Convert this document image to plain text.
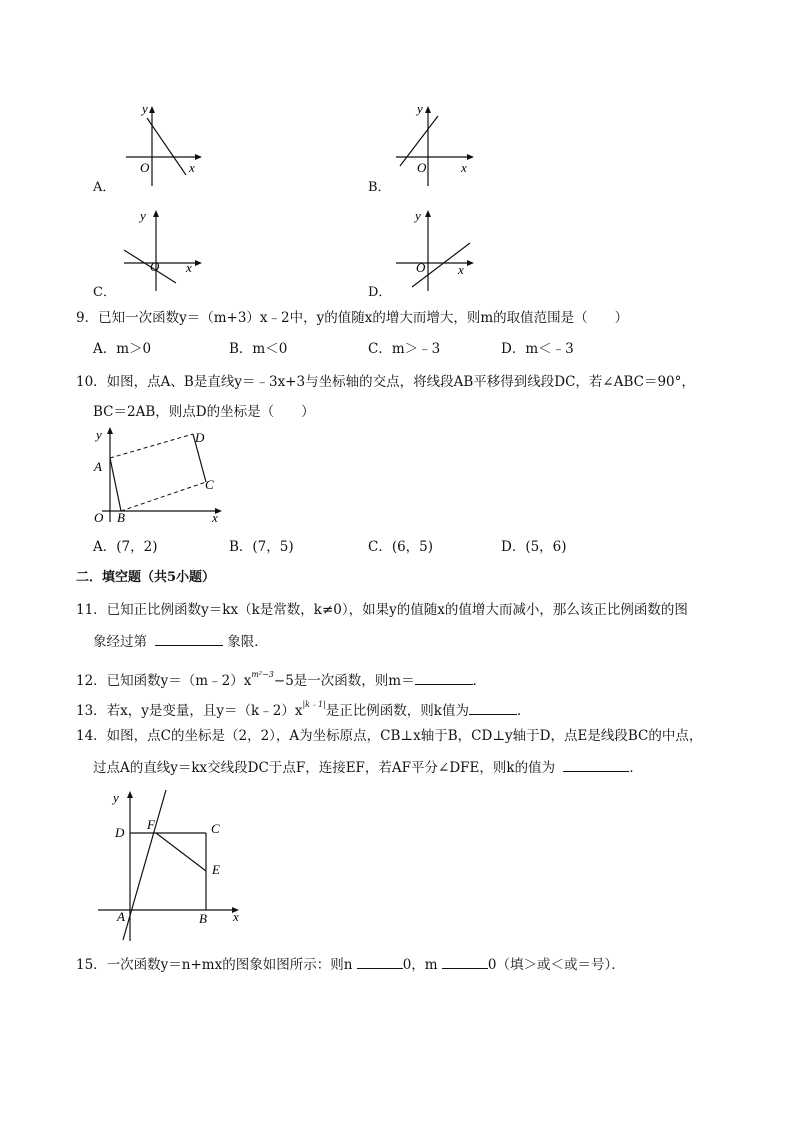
y
x
O
A．
y
x
O
B．
y
x
O
C．
y
x
O
D．
9．已知一次函数y＝（m+3）x﹣2中，y的值随x的增大而增大，则m的取值范围是（　　）
A．m＞0	B．m＜0	C．m＞﹣3	D．m＜﹣3
10．如图，点A、B是直线y＝﹣3x+3与坐标轴的交点，将线段AB平移得到线段DC，若∠ABC＝90°，
BC＝2AB，则点D的坐标是（　　）
y
x
O
A
B
C
D
A．(7，2)	B．(7，5)	C．(6，5)	D．(5，6)
二．填空题（共5小题）
11．已知正比例函数y＝kx（k是常数，k≠0），如果y的值随x的值增大而减小，那么该正比例函数的图
象经过第	象限．
12．已知函数$y=(m﹣2)x^{m^2-3}-5$是一次函数，则m＝	．
13．若x，y是变量，且$y=(k﹣2)x^{|k﹣1|}$是正比例函数，则k值为	．
14．如图，点C的坐标是（2，2），A为坐标原点，CB⊥x轴于B，CD⊥y轴于D，点E是线段BC的中点，
过点A的直线y＝kx交线段DC于点F，连接EF，若AF平分∠DFE，则k的值为	．
y
x
A	B
C
D
E
F
15．一次函数y＝n+mx的图象如图所示：则n	0，m	0（填＞或＜或＝号）．
